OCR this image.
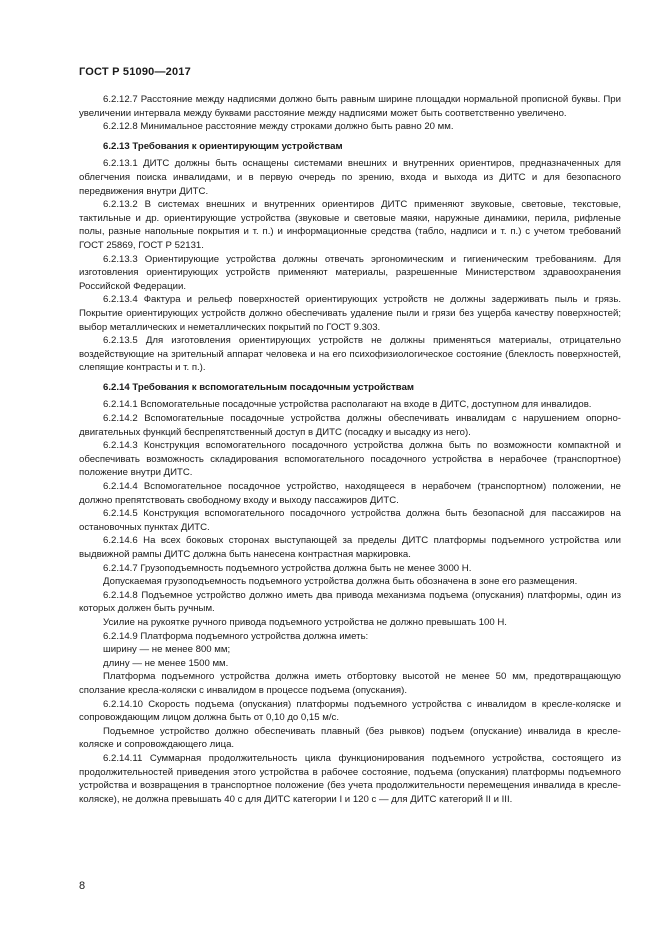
ГОСТ Р 51090—2017

6.2.12.7 Расстояние между надписями должно быть равным ширине площадки нормальной прописной буквы. При увеличении интервала между буквами расстояние между надписями может быть соответственно увеличено.

6.2.12.8 Минимальное расстояние между строками должно быть равно 20 мм.

6.2.13 Требования к ориентирующим устройствам

6.2.13.1 ДИТС должны быть оснащены системами внешних и внутренних ориентиров, предназначенных для облегчения поиска инвалидами, и в первую очередь по зрению, входа и выхода из ДИТС и для безопасного передвижения внутри ДИТС.

6.2.13.2 В системах внешних и внутренних ориентиров ДИТС применяют звуковые, световые, текстовые, тактильные и др. ориентирующие устройства (звуковые и световые маяки, наружные динамики, перила, рифленые полы, разные напольные покрытия и т. п.) и информационные средства (табло, надписи и т. п.) с учетом требований ГОСТ 25869, ГОСТ Р 52131.

6.2.13.3 Ориентирующие устройства должны отвечать эргономическим и гигиеническим требованиям. Для изготовления ориентирующих устройств применяют материалы, разрешенные Министерством здравоохранения Российской Федерации.

6.2.13.4 Фактура и рельеф поверхностей ориентирующих устройств не должны задерживать пыль и грязь. Покрытие ориентирующих устройств должно обеспечивать удаление пыли и грязи без ущерба качеству поверхностей; выбор металлических и неметаллических покрытий по ГОСТ 9.303.

6.2.13.5 Для изготовления ориентирующих устройств не должны применяться материалы, отрицательно воздействующие на зрительный аппарат человека и на его психофизиологическое состояние (блеклость поверхностей, слепящие контрасты и т. п.).

6.2.14 Требования к вспомогательным посадочным устройствам

6.2.14.1 Вспомогательные посадочные устройства располагают на входе в ДИТС, доступном для инвалидов.

6.2.14.2 Вспомогательные посадочные устройства должны обеспечивать инвалидам с нарушением опорно-двигательных функций беспрепятственный доступ в ДИТС (посадку и высадку из него).

6.2.14.3 Конструкция вспомогательного посадочного устройства должна быть по возможности компактной и обеспечивать возможность складирования вспомогательного посадочного устройства в нерабочее (транспортное) положение внутри ДИТС.

6.2.14.4 Вспомогательное посадочное устройство, находящееся в нерабочем (транспортном) положении, не должно препятствовать свободному входу и выходу пассажиров ДИТС.

6.2.14.5 Конструкция вспомогательного посадочного устройства должна быть безопасной для пассажиров на остановочных пунктах ДИТС.

6.2.14.6 На всех боковых сторонах выступающей за пределы ДИТС платформы подъемного устройства или выдвижной рампы ДИТС должна быть нанесена контрастная маркировка.

6.2.14.7 Грузоподъемность подъемного устройства должна быть не менее 3000 Н.

Допускаемая грузоподъемность подъемного устройства должна быть обозначена в зоне его размещения.

6.2.14.8 Подъемное устройство должно иметь два привода механизма подъема (опускания) платформы, один из которых должен быть ручным.

Усилие на рукоятке ручного привода подъемного устройства не должно превышать 100 Н.

6.2.14.9 Платформа подъемного устройства должна иметь:

ширину — не менее 800 мм;

длину — не менее 1500 мм.

Платформа подъемного устройства должна иметь отбортовку высотой не менее 50 мм, предотвращающую сползание кресла-коляски с инвалидом в процессе подъема (опускания).

6.2.14.10 Скорость подъема (опускания) платформы подъемного устройства с инвалидом в кресле-коляске и сопровождающим лицом должна быть от 0,10 до 0,15 м/с.

Подъемное устройство должно обеспечивать плавный (без рывков) подъем (опускание) инвалида в кресле-коляске и сопровождающего лица.

6.2.14.11 Суммарная продолжительность цикла функционирования подъемного устройства, состоящего из продолжительностей приведения этого устройства в рабочее состояние, подъема (опускания) платформы подъемного устройства и возвращения в транспортное положение (без учета продолжительности перемещения инвалида в кресле-коляске), не должна превышать 40 с для ДИТС категории I и 120 с — для ДИТС категорий II и III.

8
